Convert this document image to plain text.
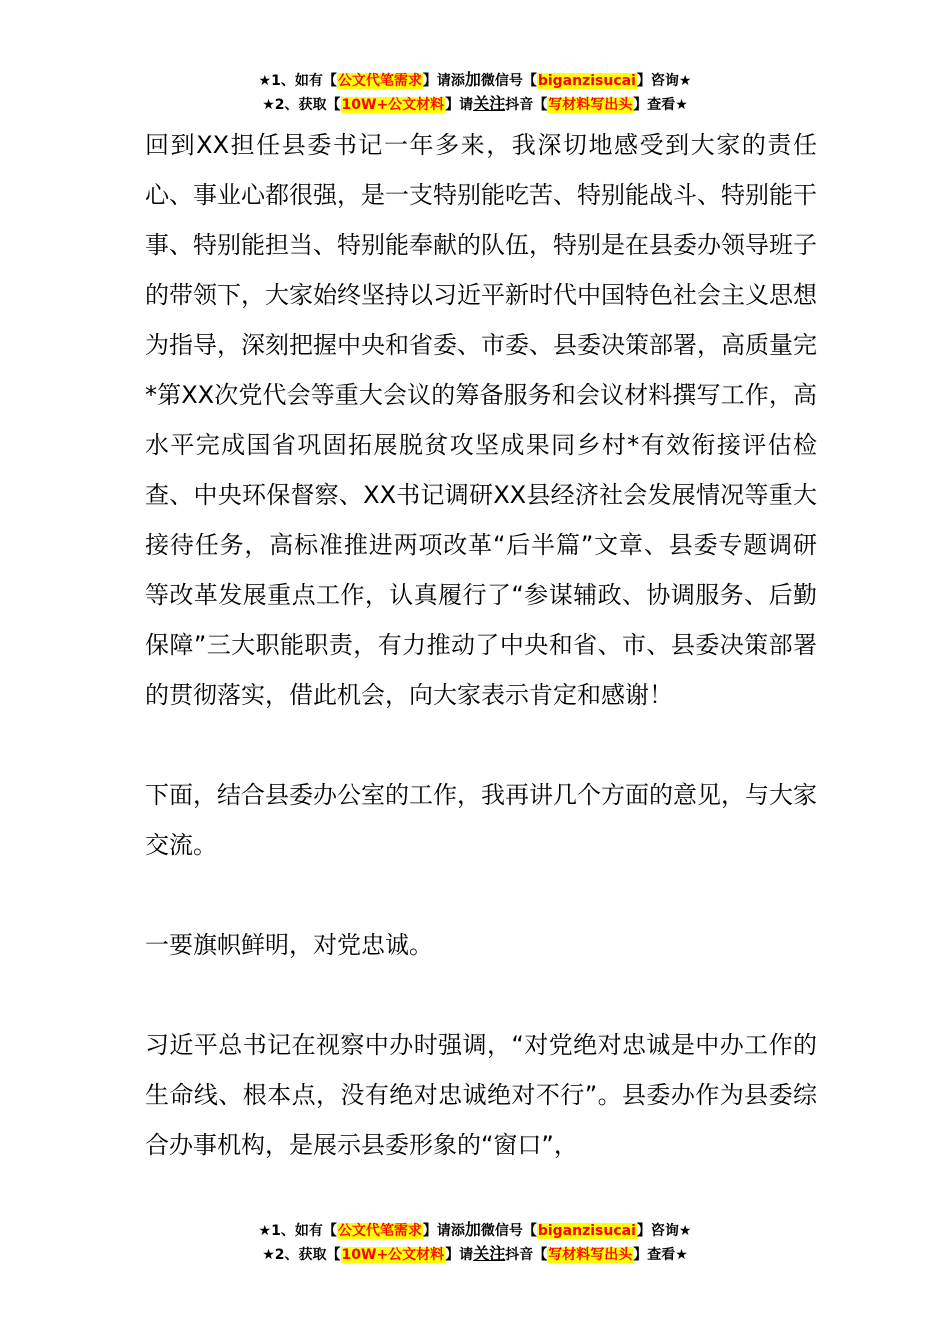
★1、如有【公文代笔需求】请添加微信号【biganzisucai】咨询★
★2、获取【10W+公文材料】请关注抖音【写材料写出头】查看★

回到XX担任县委书记一年多来，我深切地感受到大家的责任心、事业心都很强，是一支特别能吃苦、特别能战斗、特别能干事、特别能担当、特别能奉献的队伍，特别是在县委办领导班子的带领下，大家始终坚持以习近平新时代中国特色社会主义思想为指导，深刻把握中央和省委、市委、县委决策部署，高质量完*第XX次党代会等重大会议的筹备服务和会议材料撰写工作，高水平完成国省巩固拓展脱贫攻坚成果同乡村*有效衔接评估检查、中央环保督察、XX书记调研XX县经济社会发展情况等重大接待任务，高标准推进两项改革“后半篇”文章、县委专题调研等改革发展重点工作，认真履行了“参谋辅政、协调服务、后勤保障”三大职能职责，有力推动了中央和省、市、县委决策部署的贯彻落实，借此机会，向大家表示肯定和感谢！

下面，结合县委办公室的工作，我再讲几个方面的意见，与大家交流。

一要旗帜鲜明，对党忠诚。

习近平总书记在视察中办时强调，“对党绝对忠诚是中办工作的生命线、根本点，没有绝对忠诚绝对不行”。县委办作为县委综合办事机构，是展示县委形象的“窗口”，

★1、如有【公文代笔需求】请添加微信号【biganzisucai】咨询★
★2、获取【10W+公文材料】请关注抖音【写材料写出头】查看★
